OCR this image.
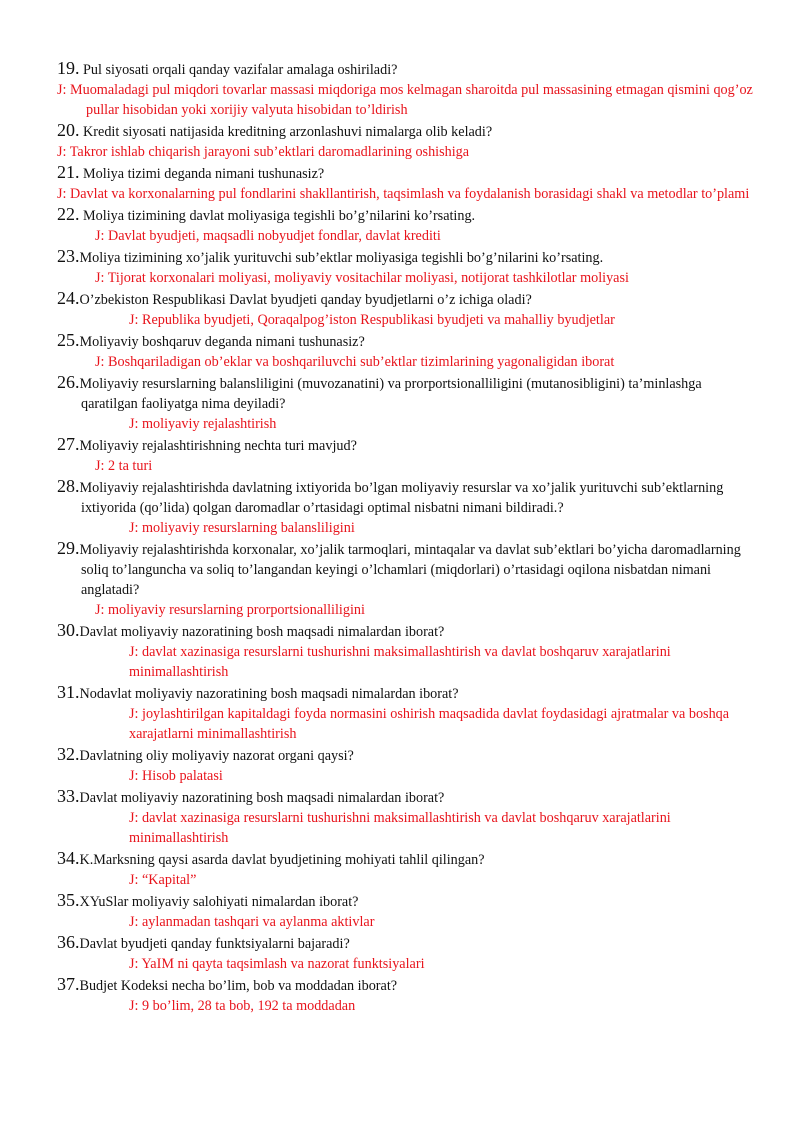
19. Pul siyosati orqali qanday vazifalar amalaga oshiriladi?
J: Muomaladagi pul miqdori tovarlar massasi miqdoriga mos kelmagan sharoitda pul massasining etmagan qismini qog’oz pullar hisobidan yoki xorijiy valyuta hisobidan to’ldirish
20. Kredit siyosati natijasida kreditning arzonlashuvi nimalarga olib keladi?
J: Takror ishlab chiqarish jarayoni sub’ektlari daromadlarining oshishiga
21. Moliya tizimi deganda nimani tushunasiz?
J: Davlat va korxonalarning pul fondlarini shakllantirish, taqsimlash va foydalanish borasidagi shakl va metodlar to’plami
22. Moliya tizimining davlat moliyasiga tegishli bo’g’nilarini ko’rsating.
J: Davlat byudjeti, maqsadli nobyudjet fondlar, davlat krediti
23.Moliya tizimining xo’jalik yurituvchi sub’ektlar moliyasiga tegishli bo’g’nilarini ko’rsating.
J: Tijorat korxonalari moliyasi, moliyaviy vositachilar moliyasi, notijorat tashkilotlar moliyasi
24.O’zbekiston Respublikasi Davlat byudjeti qanday byudjetlarni o’z ichiga oladi?
J: Republika byudjeti, Qoraqalpog’iston Respublikasi byudjeti va mahalliy byudjetlar
25.Moliyaviy boshqaruv deganda nimani tushunasiz?
J: Boshqariladigan ob’eklar va boshqariluvchi sub’ektlar tizimlarining yagonaligidan iborat
26.Moliyaviy resurslarning balansliligini (muvozanatini) va prorportsionalliligini (mutanosibligini) ta’minlashga qaratilgan faoliyatga nima deyiladi?
J: moliyaviy rejalashtirish
27.Moliyaviy rejalashtirishning nechta turi mavjud?
J: 2 ta turi
28.Moliyaviy rejalashtirishda davlatning ixtiyorida bo’lgan moliyaviy resurslar va xo’jalik yurituvchi sub’ektlarning ixtiyorida (qo’lida) qolgan daromadlar o’rtasidagi optimal nisbatni nimani bildiradi.?
J: moliyaviy resurslarning balansliligini
29.Moliyaviy rejalashtirishda korxonalar, xo’jalik tarmoqlari, mintaqalar va davlat sub’ektlari bo’yicha daromadlarning soliq to’languncha va soliq to’langandan keyingi o’lchamlari (miqdorlari) o’rtasidagi oqilona nisbatdan nimani anglatadi?
J: moliyaviy resurslarning prorportsionalliligini
30.Davlat moliyaviy nazoratining bosh maqsadi nimalardan iborat?
J: davlat xazinasiga resurslarni tushurishni maksimallashtirish va davlat boshqaruv xarajatlarini minimallashtirish
31.Nodavlat moliyaviy nazoratining bosh maqsadi nimalardan iborat?
J: joylashtirilgan kapitaldagi foyda normasini oshirish maqsadida davlat foydasidagi ajratmalar va boshqa xarajatlarni minimallashtirish
32.Davlatning oliy moliyaviy nazorat organi qaysi?
J: Hisob palatasi
33.Davlat moliyaviy nazoratining bosh maqsadi nimalardan iborat?
J: davlat xazinasiga resurslarni tushurishni maksimallashtirish va davlat boshqaruv xarajatlarini minimallashtirish
34.K.Marksning qaysi asarda davlat byudjetining mohiyati tahlil qilingan?
J: “Kapital”
35.XYuSlar moliyaviy salohiyati nimalardan iborat?
J: aylanmadan tashqari va aylanma aktivlar
36.Davlat byudjeti qanday funktsiyalarni bajaradi?
J: YaIM ni qayta taqsimlash va nazorat funktsiyalari
37.Budjet Kodeksi necha bo’lim, bob va moddadan iborat?
J: 9 bo’lim, 28 ta bob, 192 ta moddadan
